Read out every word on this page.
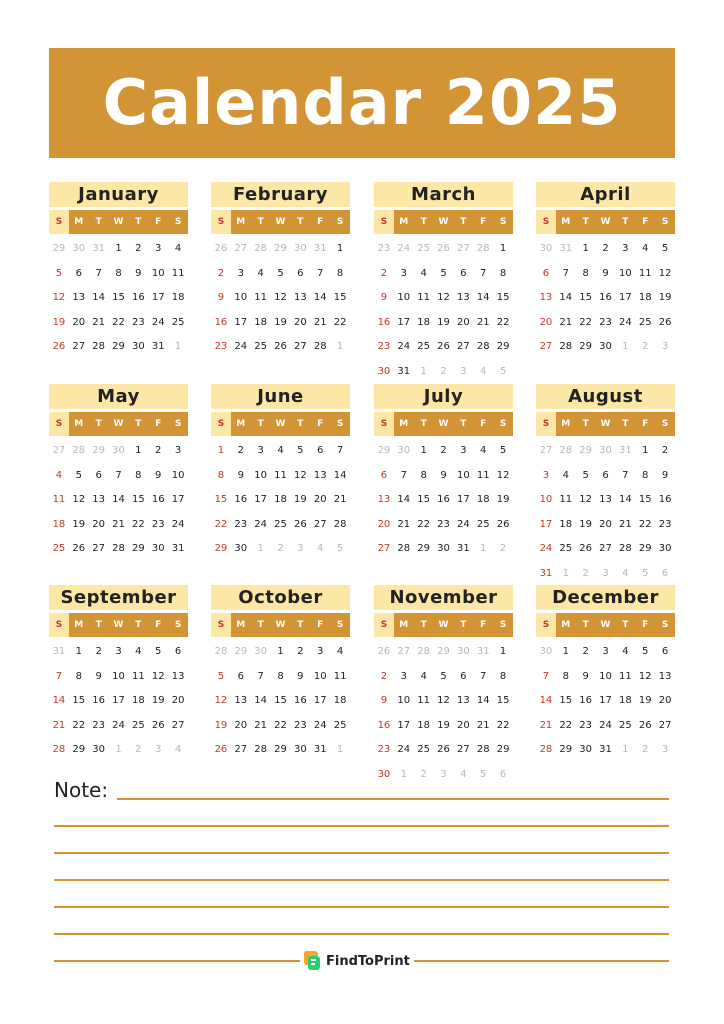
Calendar 2025
January
S	M	T	W	T	F	S
29 30 31	1	2	3	4
5	6	7	8	9	10 11
12 13 14 15 16 17 18
19 20 21 22 23 24 25
26 27 28 29 30 31	1
February
S	M	T	W	T	F	S
26 27 28 29 30 31	1
2	3	4	5	6	7	8
9	10 11 12 13 14 15
16 17 18 19 20 21 22
23 24 25 26 27 28	1
March
S	M	T	W	T	F	S
23 24 25 26 27 28	1
2	3	4	5	6	7	8
9	10 11 12 13 14 15
16 17 18 19 20 21 22
23 24 25 26 27 28 29
30 31	1	2	3	4	5
April
S	M	T	W	T	F	S
30 31	1	2	3	4	5
6	7	8	9	10 11 12
13 14 15 16 17 18 19
20 21 22 23 24 25 26
27 28 29 30	1	2	3
May
S	M	T	W	T	F	S
27 28 29 30	1	2	3
4	5	6	7	8	9	10
11 12 13 14 15 16 17
18 19 20 21 22 23 24
25 26 27 28 29 30 31
June
S	M	T	W	T	F	S
1	2	3	4	5	6	7
8	9	10 11 12 13 14
15 16 17 18 19 20 21
22 23 24 25 26 27 28
29 30	1	2	3	4	5
July
S	M	T	W	T	F	S
29 30	1	2	3	4	5
6	7	8	9	10 11 12
13 14 15 16 17 18 19
20 21 22 23 24 25 26
27 28 29 30 31	1	2
August
S	M	T	W	T	F	S
27 28 29 30 31	1	2
3	4	5	6	7	8	9
10 11 12 13 14 15 16
17 18 19 20 21 22 23
24 25 26 27 28 29 30
31	1	2	3	4	5	6
September
S	M	T	W	T	F	S
31	1	2	3	4	5	6
7	8	9	10 11 12 13
14 15 16 17 18 19 20
21 22 23 24 25 26 27
28 29 30	1	2	3	4
October
S	M	T	W	T	F	S
28 29 30	1	2	3	4
5	6	7	8	9	10 11
12 13 14 15 16 17 18
19 20 21 22 23 24 25
26 27 28 29 30 31	1
November
S	M	T	W	T	F	S
26 27 28 29 30 31	1
2	3	4	5	6	7	8
9	10 11 12 13 14 15
16 17 18 19 20 21 22
23 24 25 26 27 28 29
30	1	2	3	4	5	6
December
S	M	T	W	T	F	S
30	1	2	3	4	5	6
7	8	9	10 11 12 13
14 15 16 17 18 19 20
21 22 23 24 25 26 27
28 29 30 31	1	2	3
Note:
FindToPrint
